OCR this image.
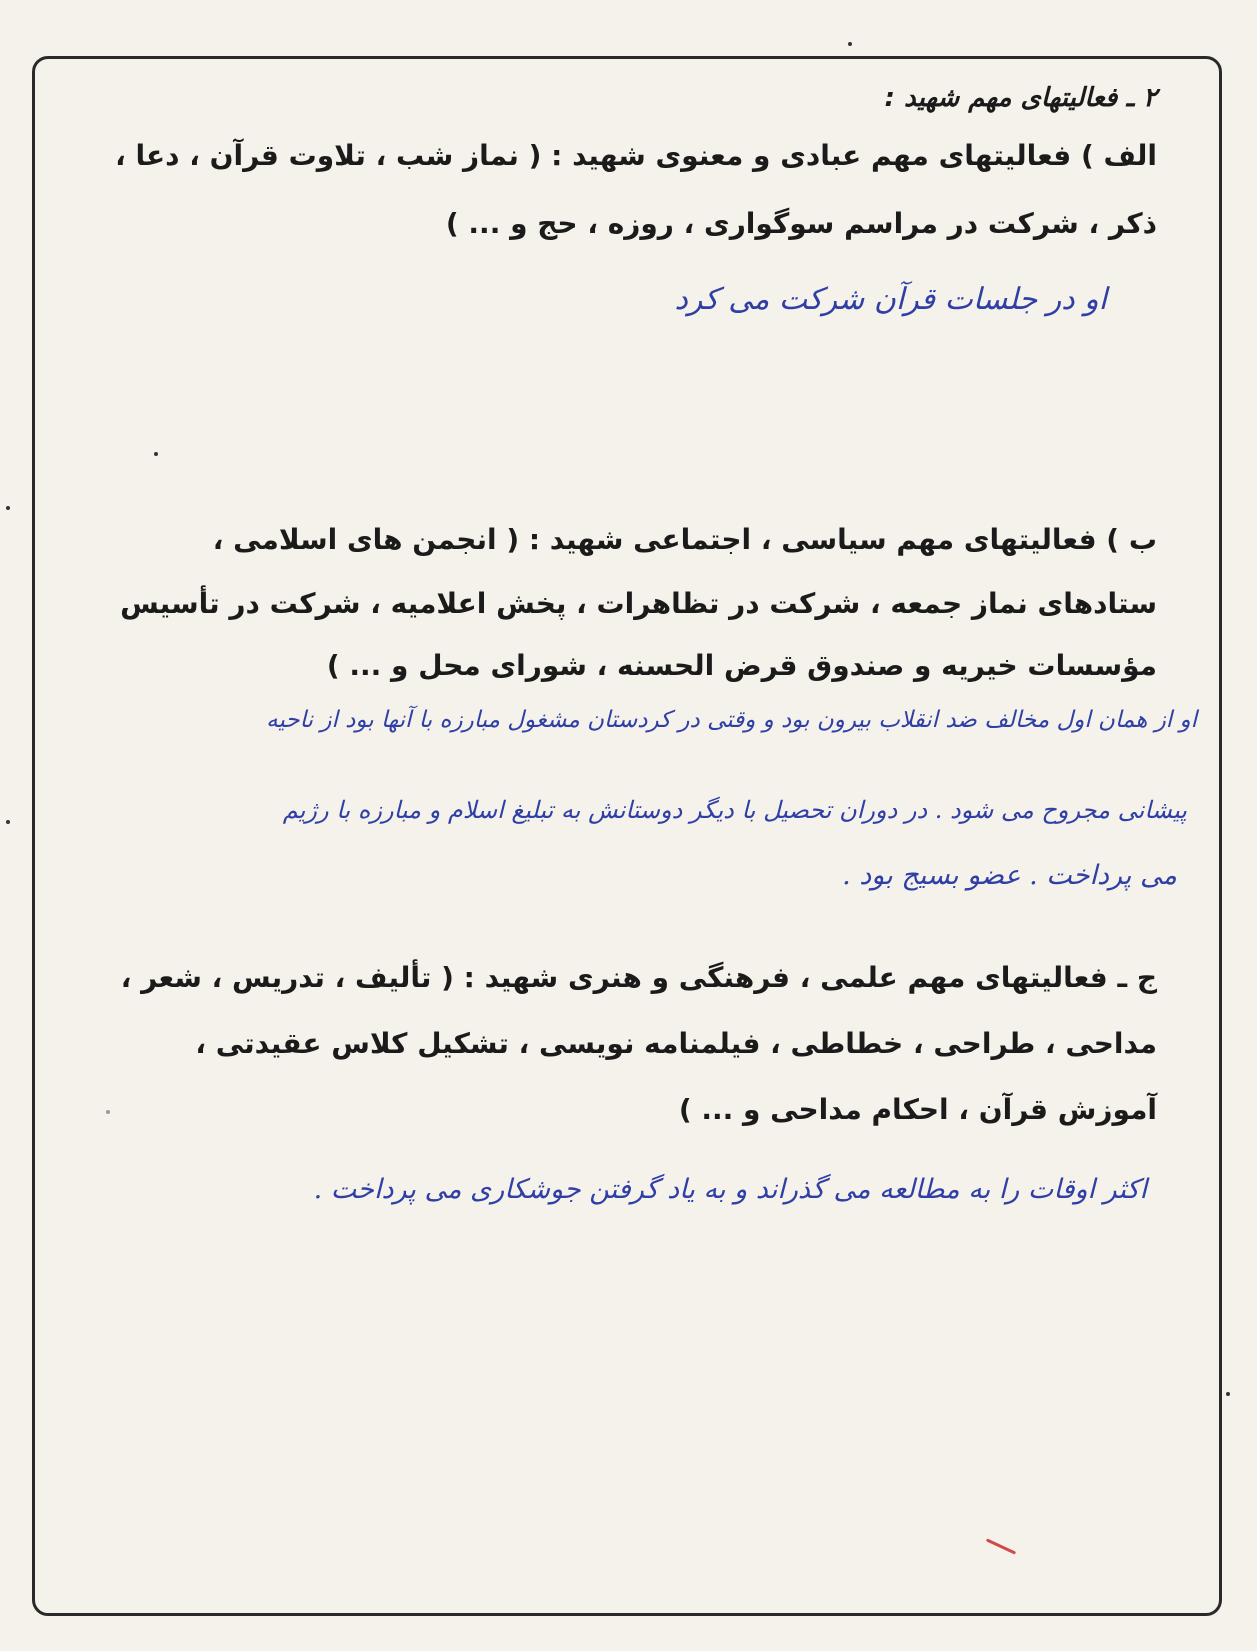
۲ ـ فعالیتهای مهم شهید :
الف ) فعالیتهای مهم عبادی و معنوی شهید : ( نماز شب ، تلاوت قرآن ، دعا ،
ذکر ، شرکت در مراسم سوگواری ، روزه ، حج و ... )
او در جلسات قرآن شرکت می کرد
ب ) فعالیتهای مهم سیاسی ، اجتماعی شهید : ( انجمن های اسلامی ،
ستادهای نماز جمعه ، شرکت در تظاهرات ، پخش اعلامیه ، شرکت در تأسیس
مؤسسات خیریه و صندوق قرض الحسنه ، شورای محل و ... )
او از همان اول مخالف ضد انقلاب بیرون بود و وقتی در کردستان مشغول مبارزه با آنها بود از ناحیه
پیشانی مجروح می شود . در دوران تحصیل با دیگر دوستانش به تبلیغ اسلام و مبارزه با رژیم
می پرداخت . عضو بسیج بود .
ج ـ فعالیتهای مهم علمی ، فرهنگی و هنری شهید : ( تألیف ، تدریس ، شعر ،
مداحی ، طراحی ، خطاطی ، فیلمنامه نویسی ، تشکیل کلاس عقیدتی ،
آموزش قرآن ، احکام مداحی و ... )
اکثر اوقات را به مطالعه می گذراند و به یاد گرفتن جوشکاری می پرداخت .
